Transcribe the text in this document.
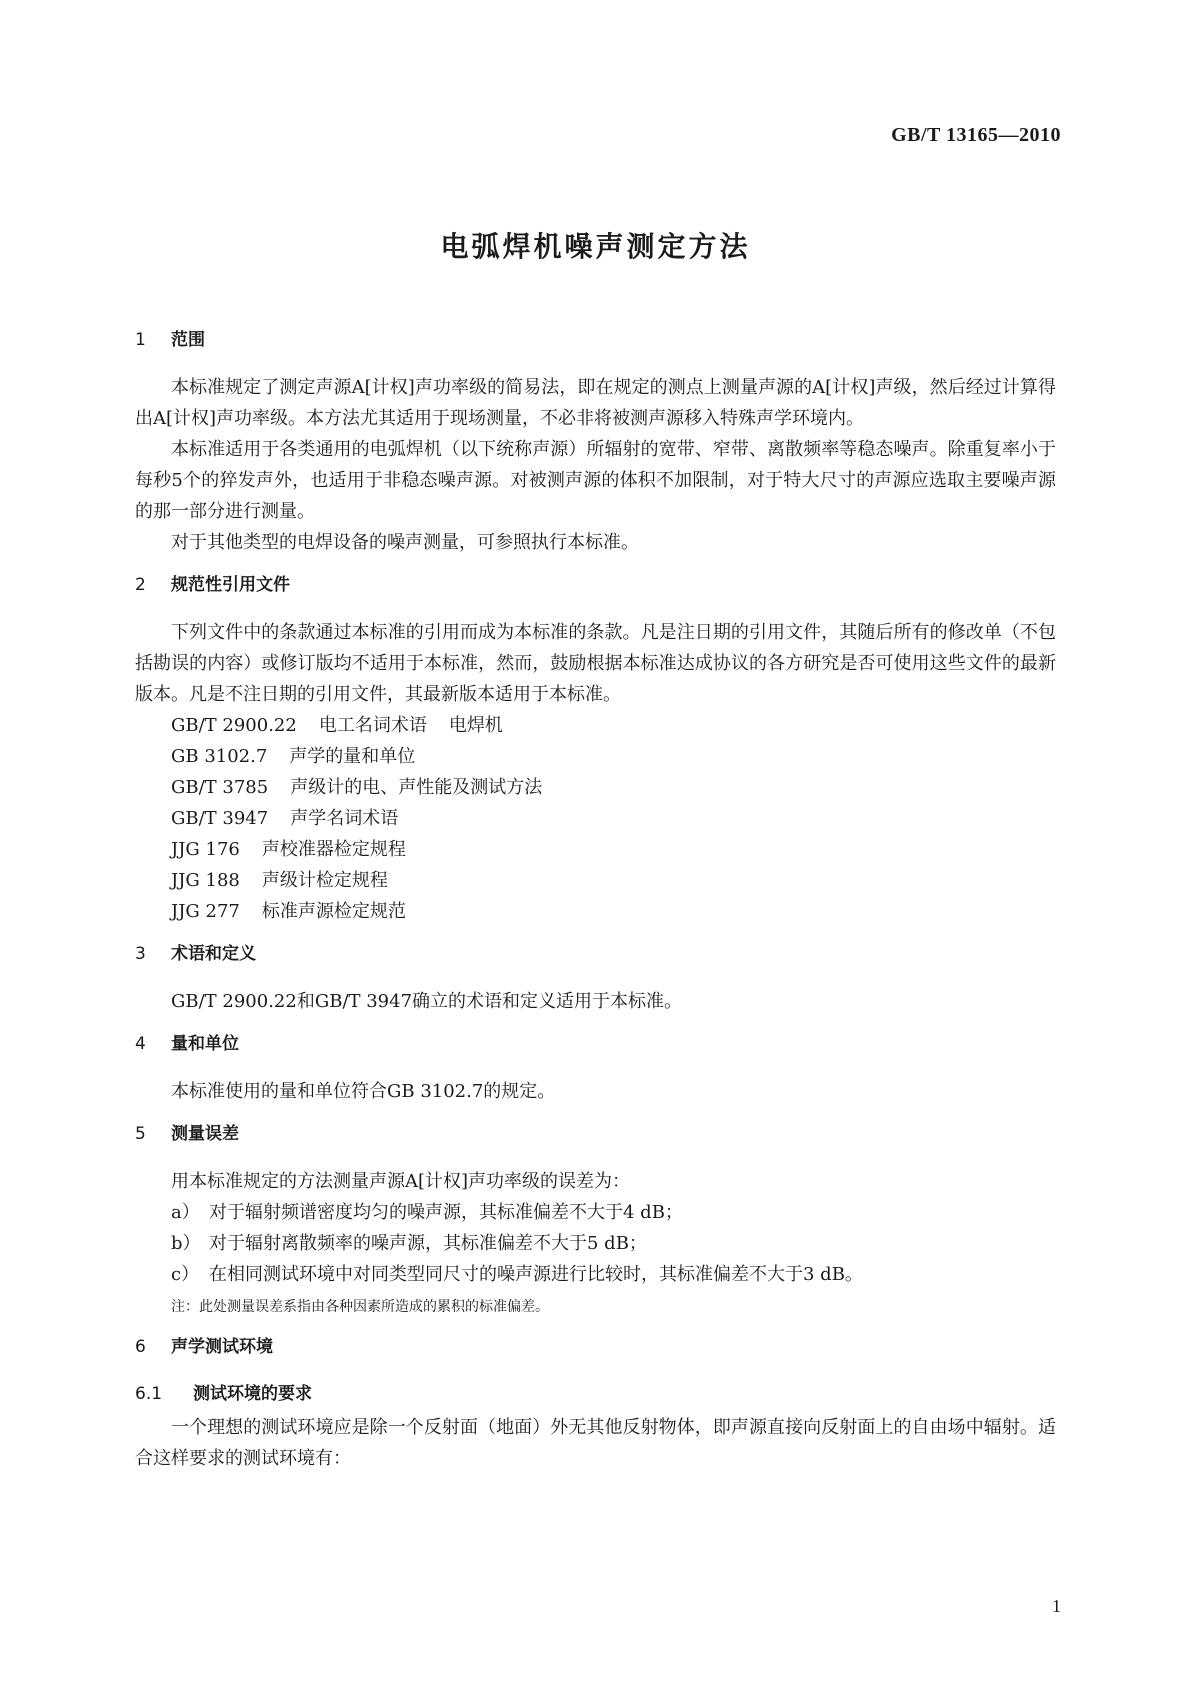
GB/T 13165—2010
电弧焊机噪声测定方法
1 范围

本标准规定了测定声源A[计权]声功率级的简易法，即在规定的测点上测量声源的A[计权]声级，然后经过计算得出A[计权]声功率级。本方法尤其适用于现场测量，不必非将被测声源移入特殊声学环境内。

本标准适用于各类通用的电弧焊机（以下统称声源）所辐射的宽带、窄带、离散频率等稳态噪声。除重复率小于每秒5个的猝发声外，也适用于非稳态噪声源。对被测声源的体积不加限制，对于特大尺寸的声源应选取主要噪声源的那一部分进行测量。

对于其他类型的电焊设备的噪声测量，可参照执行本标准。

2 规范性引用文件

下列文件中的条款通过本标准的引用而成为本标准的条款。凡是注日期的引用文件，其随后所有的修改单（不包括勘误的内容）或修订版均不适用于本标准，然而，鼓励根据本标准达成协议的各方研究是否可使用这些文件的最新版本。凡是不注日期的引用文件，其最新版本适用于本标准。

GB/T 2900.22 电工名词术语 电焊机

GB 3102.7 声学的量和单位

GB/T 3785 声级计的电、声性能及测试方法

GB/T 3947 声学名词术语

JJG 176 声校准器检定规程

JJG 188 声级计检定规程

JJG 277 标准声源检定规范

3 术语和定义

GB/T 2900.22和GB/T 3947确立的术语和定义适用于本标准。

4 量和单位

本标准使用的量和单位符合GB 3102.7的规定。

5 测量误差

用本标准规定的方法测量声源A[计权]声功率级的误差为：

a） 对于辐射频谱密度均匀的噪声源，其标准偏差不大于4 dB；

b） 对于辐射离散频率的噪声源，其标准偏差不大于5 dB；

c） 在相同测试环境中对同类型同尺寸的噪声源进行比较时，其标准偏差不大于3 dB。

注：此处测量误差系指由各种因素所造成的累积的标准偏差。

6 声学测试环境
6.1 测试环境的要求

一个理想的测试环境应是除一个反射面（地面）外无其他反射物体，即声源直接向反射面上的自由场中辐射。适合这样要求的测试环境有：

1
